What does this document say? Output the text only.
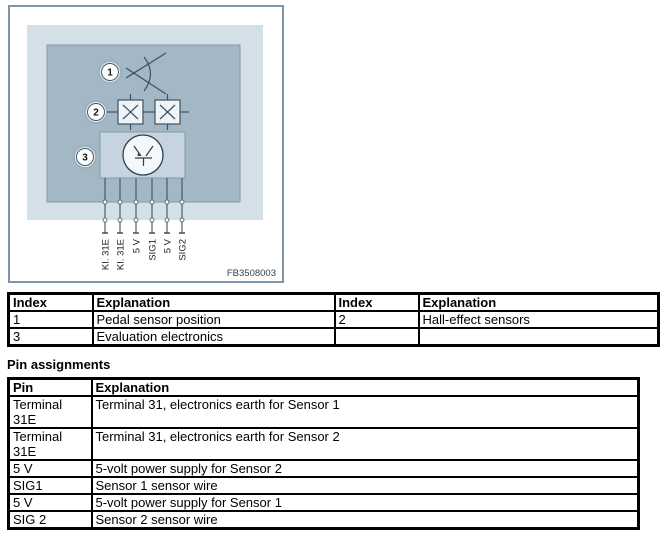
1
2
3
KI. 31E KI. 31E 5 V SIG1 5 V SIG2
FB3508003
Index	Explanation	Index	Explanation
1	Pedal sensor position	2	Hall-effect sensors
3	Evaluation electronics		
Pin assignments
Pin	Explanation
Terminal 31E	Terminal 31, electronics earth for Sensor 1
Terminal 31E	Terminal 31, electronics earth for Sensor 2
5 V	5-volt power supply for Sensor 2
SIG1	Sensor 1 sensor wire
5 V	5-volt power supply for Sensor 1
SIG 2	Sensor 2 sensor wire
